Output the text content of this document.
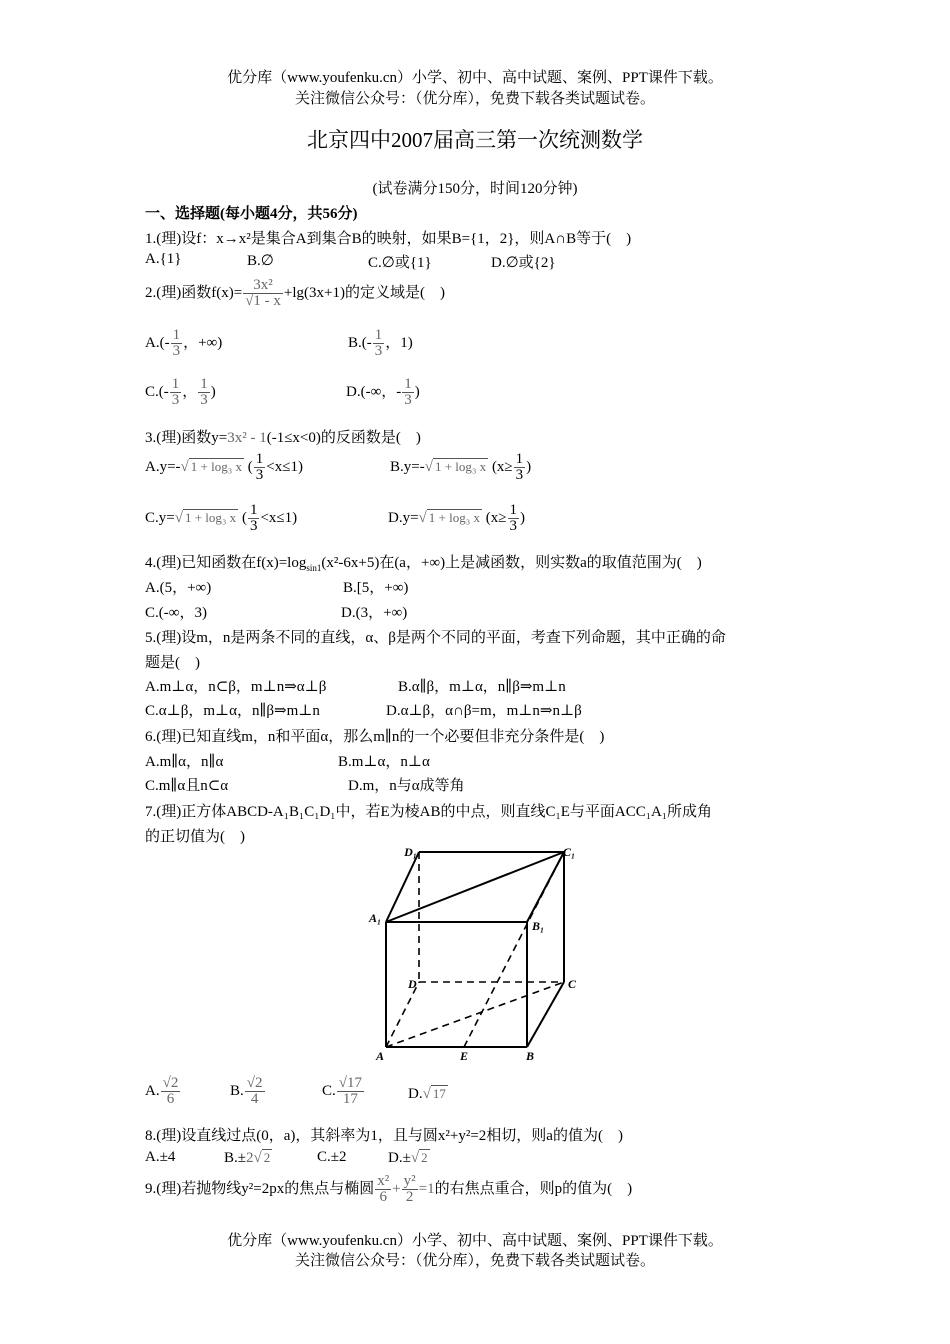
优分库（www.youfenku.cn）小学、初中、高中试题、案例、PPT课件下载。
关注微信公众号：（优分库），免费下载各类试题试卷。
北京四中2007届高三第一次统测数学
(试卷满分150分，时间120分钟)
一、选择题(每小题4分，共56分)
1.(理)设f：x→x²是集合A到集合B的映射，如果B={1，2}，则A∩B等于(　)
A.{1}	B.∅	C.∅或{1}	D.∅或{2}
2.(理)函数$f(x)= \frac{\text{3x²}}{√1 - x} +\lg(3x+1)$的定义域是(　)
$A.(- \frac{1}{3}$ ，+∞)	$B.(- \frac{1}{3}$ ，1)
$C.(- \frac{1}{3}$ ， $\frac{1}{3}$ )	D.(-∞，- $\frac{1}{3}$ )
3.(理)函数y=3x² - 1(-1≤x<0)的反函数是(　)
A.y=-√ 1 + log₃ x ( $\frac{1}{3} <x\le 1$)	B.y=-√ 1 + log₃ x ($x\ge \frac{1}{3}$ )
C.y=√ 1 + log₃ x ( $\frac{1}{3} <x\le 1$)	D.y=√ 1 + log₃ x ($x\ge \frac{1}{3}$ )
4.(理)已知函数在$f(x)=\log_{sin1}(x^2-6x+5)$在(a，+∞)上是减函数，则实数a的取值范围为(　)
A.(5，+∞)	B.[5，+∞)
C.(-∞，3)	D.(3，+∞)
5.(理)设m，n是两条不同的直线，α、β是两个不同的平面，考查下列命题，其中正确的命
题是(　)
A.m⊥α，n⊂β，m⊥n⇒α⊥β	B.α∥β，m⊥α，n∥β⇒m⊥n
C.α⊥β，m⊥α，n∥β⇒m⊥n	D.α⊥β，α∩β=m，m⊥n⇒n⊥β
6.(理)已知直线m，n和平面α，那么m∥n的一个必要但非充分条件是(　)
A.m∥α，n∥α	B.m⊥α，n⊥α
C.m∥α且n⊂α	D.m，n与α成等角
7.(理)正方体ABCD-A₁B₁C₁D₁中，若E为棱AB的中点，则直线C₁E与平面ACC₁A₁所成角
的正切值为(　)
D₁	C₁
A₁
B₁
D	C
A	E	B
A. $\frac{√2}{6}$	B. $\frac{√2}{4}$	C. $\frac{√17}{17}$	D.√ 17
8.(理)设直线过点(0，a)，其斜率为1，且与圆x²+y²=2相切，则a的值为(　)
A.±4	B.±2√ 2	C.±2	D.±√ 2
9.(理)若抛物线y²=2px的焦点与椭圆 $\frac{\text{x²}}{6} + \frac{\text{y²}}{2} =1$的右焦点重合，则p的值为(　)
优分库（www.youfenku.cn）小学、初中、高中试题、案例、PPT课件下载。
关注微信公众号：（优分库），免费下载各类试题试卷。
